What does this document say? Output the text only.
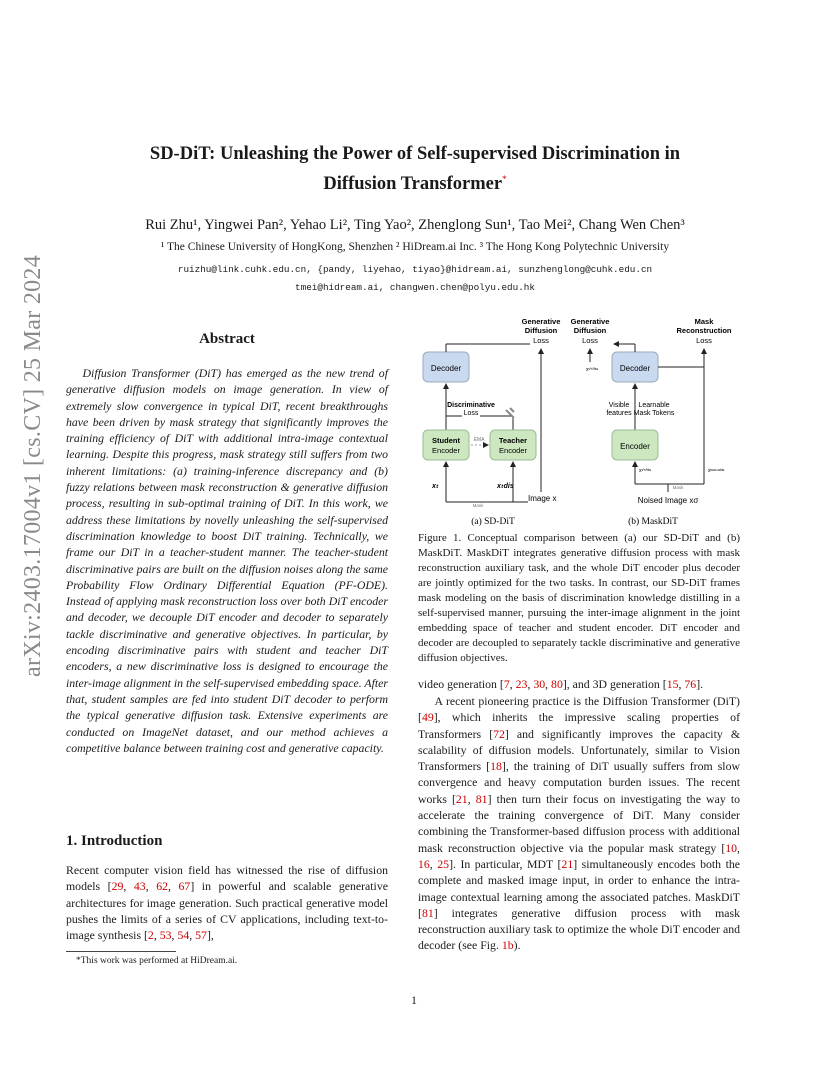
SD-DiT: Unleashing the Power of Self-supervised Discrimination in
Diffusion Transformer*
Rui Zhu¹, Yingwei Pan², Yehao Li², Ting Yao², Zhenglong Sun¹, Tao Mei², Chang Wen Chen³
¹ The Chinese University of HongKong, Shenzhen ² HiDream.ai Inc. ³ The Hong Kong Polytechnic University
ruizhu@link.cuhk.edu.cn, {pandy, liyehao, tiyao}@hidream.ai, sunzhenglong@cuhk.edu.cn
tmei@hidream.ai, changwen.chen@polyu.edu.hk
arXiv:2403.17004v1 [cs.CV] 25 Mar 2024	Abstract
Diffusion Transformer (DiT) has emerged as the new trend of generative diffusion models on image generation. In view of extremely slow convergence in typical DiT, recent breakthroughs have been driven by mask strategy that significantly improves the training efficiency of DiT with additional intra-image contextual learning. Despite this progress, mask strategy still suffers from two inherent limitations: (a) training-inference discrepancy and (b) fuzzy relations between mask reconstruction & generative diffusion process, resulting in sub-optimal training of DiT. In this work, we address these limitations by novelly unleashing the self-supervised discrimination knowledge to boost DiT training. Technically, we frame our DiT in a teacher-student manner. The teacher-student discriminative pairs are built on the diffusion noises along the same Probability Flow Ordinary Differential Equation (PF-ODE). Instead of applying mask reconstruction loss over both DiT encoder and decoder, we decouple DiT encoder and decoder to separately tackle discriminative and generative objectives. In particular, by encoding discriminative pairs with student and teacher DiT encoders, a new discriminative loss is designed to encourage the inter-image alignment in the self-supervised embedding space. After that, student samples are fed into student DiT decoder to perform the typical generative diffusion task. Extensive experiments are conducted on ImageNet dataset, and our method achieves a competitive balance between training cost and generative capacity.
1. Introduction
Recent computer vision field has witnessed the rise of diffusion models [29, 43, 62, 67] in powerful and scalable generative architectures for image generation. Such practical generative model pushes the limits of a series of CV applications, including text-to-image synthesis [2, 53, 54, 57],
*This work was performed at HiDream.ai.
Generative
Diffusion
Loss
Decoder
Discriminative
Loss
Student
Encoder
Teacher
Encoder
EMA
xₜ	xₜdis
Mask
Image x
(a) SD-DiT
Generative
Diffusion
Loss
Mask
Reconstruction
Loss
Decoder
xᵛⁱˢⁱᵇˡᵉ
Visible
features
Learnable
Mask Tokens
Encoder
xᵛⁱˢⁱᵇˡᵉ	xˡᵉᵃʳⁿᵃᵇˡᵉ
Mask
Noised Image xσ
(b) MaskDiT
Figure 1. Conceptual comparison between (a) our SD-DiT and (b) MaskDiT. MaskDiT integrates generative diffusion process with mask reconstruction auxiliary task, and the whole DiT encoder plus decoder are jointly optimized for the two tasks. In contrast, our SD-DiT frames mask modeling on the basis of discrimination knowledge distilling in a self-supervised manner, pursuing the inter-image alignment in the joint embedding space of teacher and student encoder. DiT encoder and decoder are decoupled to separately tackle discriminative and generative diffusion objectives.
video generation [7, 23, 30, 80], and 3D generation [15, 76].
A recent pioneering practice is the Diffusion Transformer (DiT) [49], which inherits the impressive scaling properties of Transformers [72] and significantly improves the capacity & scalability of diffusion models. Unfortunately, similar to Vision Transformers [18], the training of DiT usually suffers from slow convergence and heavy computation burden issues. The recent works [21, 81] then turn their focus on investigating the way to accelerate the training convergence of DiT. Many consider combining the Transformer-based diffusion process with additional mask reconstruction objective via the popular mask strategy [10, 16, 25]. In particular, MDT [21] simultaneously encodes both the complete and masked image input, in order to enhance the intra-image contextual learning among the associated patches. MaskDiT [81] integrates generative diffusion process with mask reconstruction auxiliary task to optimize the whole DiT encoder and decoder (see Fig. 1b).
1
